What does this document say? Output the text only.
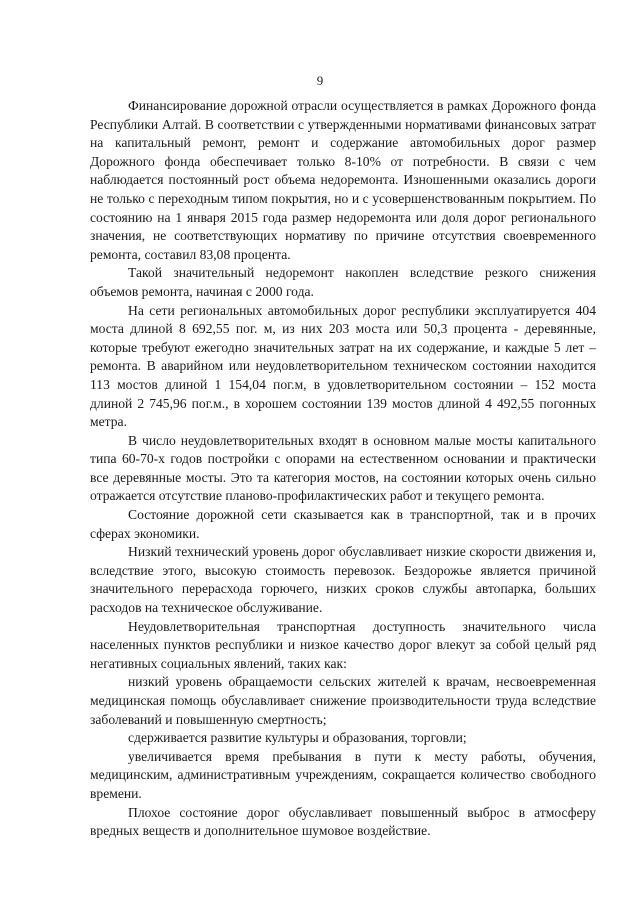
9

Финансирование дорожной отрасли осуществляется в рамках Дорожного фонда Республики Алтай. В соответствии с утвержденными нормативами финансовых затрат на капитальный ремонт, ремонт и содержание автомобильных дорог размер Дорожного фонда обеспечивает только 8-10% от потребности. В связи с чем наблюдается постоянный рост объема недоремонта. Изношенными оказались дороги не только с переходным типом покрытия, но и с усовершенствованным покрытием. По состоянию на 1 января 2015 года размер недоремонта или доля дорог регионального значения, не соответствующих нормативу по причине отсутствия своевременного ремонта, составил 83,08 процента.

Такой значительный недоремонт накоплен вследствие резкого снижения объемов ремонта, начиная с 2000 года.

На сети региональных автомобильных дорог республики эксплуатируется 404 моста длиной 8 692,55 пог. м, из них 203 моста или 50,3 процента - деревянные, которые требуют ежегодно значительных затрат на их содержание, и каждые 5 лет – ремонта. В аварийном или неудовлетворительном техническом состоянии находится 113 мостов длиной 1 154,04 пог.м, в удовлетворительном состоянии – 152 моста длиной 2 745,96 пог.м., в хорошем состоянии 139 мостов длиной 4 492,55 погонных метра.

В число неудовлетворительных входят в основном малые мосты капитального типа 60-70-х годов постройки с опорами на естественном основании и практически все деревянные мосты. Это та категория мостов, на состоянии которых очень сильно отражается отсутствие планово-профилактических работ и текущего ремонта.

Состояние дорожной сети сказывается как в транспортной, так и в прочих сферах экономики.

Низкий технический уровень дорог обуславливает низкие скорости движения и, вследствие этого, высокую стоимость перевозок. Бездорожье является причиной значительного перерасхода горючего, низких сроков службы автопарка, больших расходов на техническое обслуживание.

Неудовлетворительная транспортная доступность значительного числа населенных пунктов республики и низкое качество дорог влекут за собой целый ряд негативных социальных явлений, таких как:

низкий уровень обращаемости сельских жителей к врачам, несвоевременная медицинская помощь обуславливает снижение производительности труда вследствие заболеваний и повышенную смертность;

сдерживается развитие культуры и образования, торговли;

увеличивается время пребывания в пути к месту работы, обучения, медицинским, административным учреждениям, сокращается количество свободного времени.

Плохое состояние дорог обуславливает повышенный выброс в атмосферу вредных веществ и дополнительное шумовое воздействие.
